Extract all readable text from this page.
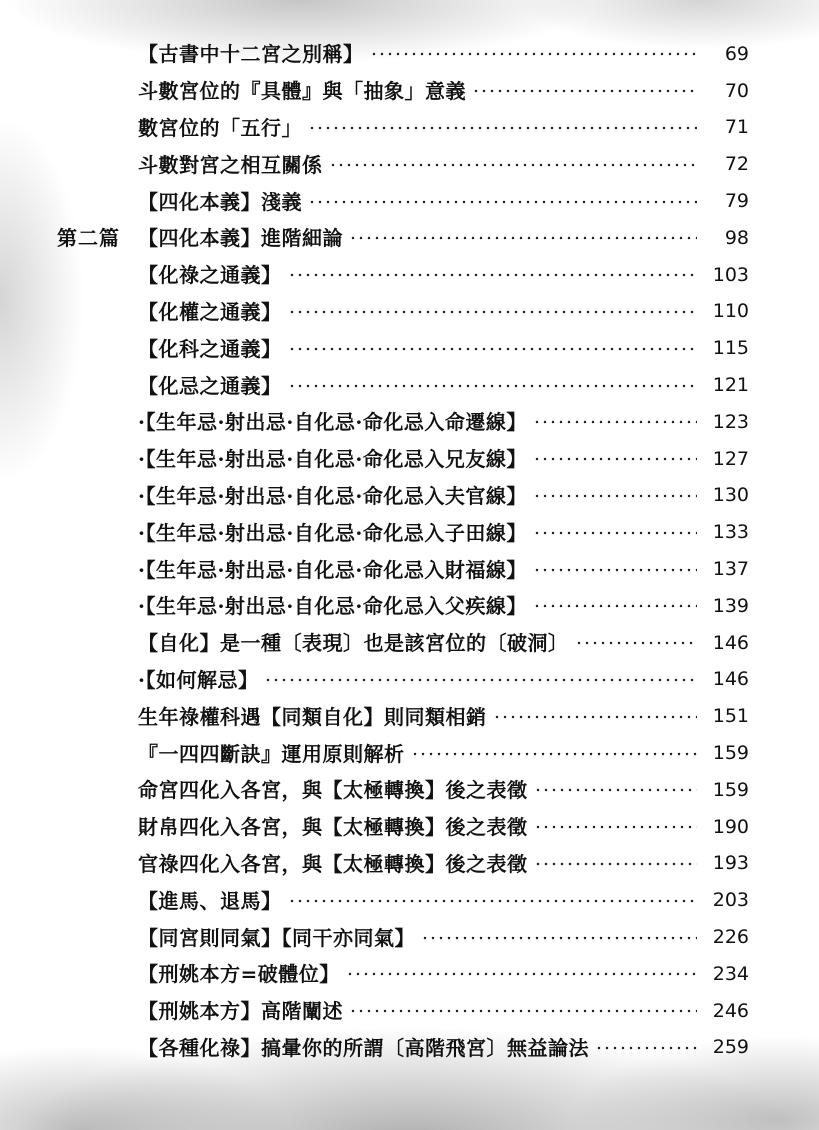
【古書中十二宮之別稱】	69
斗數宮位的『具體』與「抽象」意義	70
數宮位的「五行」	71
斗數對宮之相互關係	72
【四化本義】淺義	79
第二篇 【四化本義】進階細論	98
【化祿之通義】	103
【化權之通義】	110
【化科之通義】	115
【化忌之通義】	121
·【生年忌·射出忌·自化忌·命化忌入命遷線】	123
·【生年忌·射出忌·自化忌·命化忌入兄友線】	127
·【生年忌·射出忌·自化忌·命化忌入夫官線】	130
·【生年忌·射出忌·自化忌·命化忌入子田線】	133
·【生年忌·射出忌·自化忌·命化忌入財福線】	137
·【生年忌·射出忌·自化忌·命化忌入父疾線】	139
【自化】是一種〔表現〕也是該宮位的〔破洞〕	146
·【如何解忌】	146
生年祿權科遇【同類自化】則同類相銷	151
『一四四斷訣』運用原則解析	159
命宮四化入各宮，與【太極轉換】後之表徵	159
財帛四化入各宮，與【太極轉換】後之表徵	190
官祿四化入各宮，與【太極轉換】後之表徵	193
【進馬、退馬】	203
【同宮則同氣】【同干亦同氣】	226
【刑姚本方=破體位】	234
【刑姚本方】高階闡述	246
【各種化祿】搞暈你的所謂〔高階飛宮〕無益論法	259
